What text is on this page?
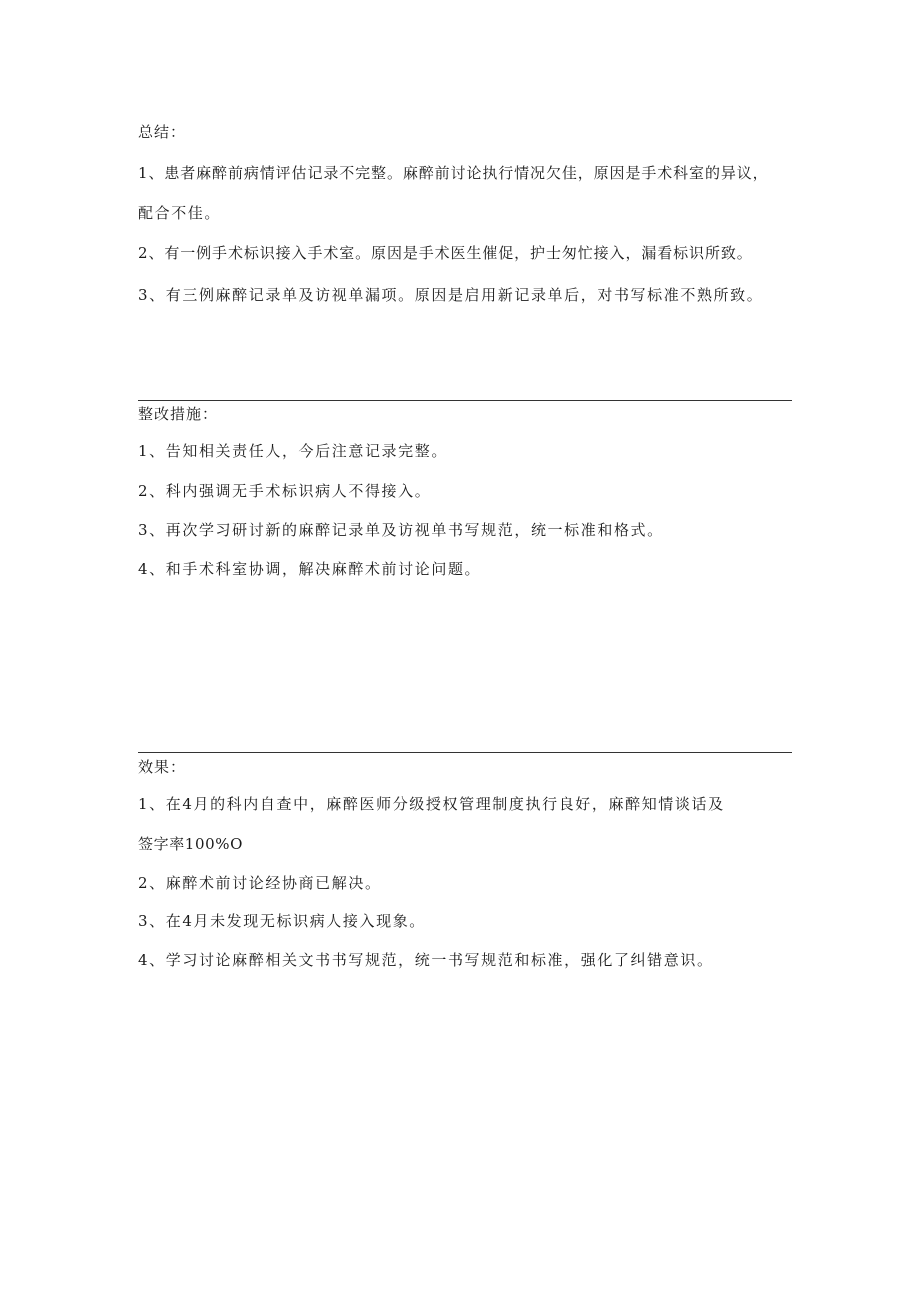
总结：
1、患者麻醉前病情评估记录不完整。麻醉前讨论执行情况欠佳，原因是手术科室的异议，
配合不佳。
2、有一例手术标识接入手术室。原因是手术医生催促，护士匆忙接入，漏看标识所致。
3、有三例麻醉记录单及访视单漏项。原因是启用新记录单后，对书写标准不熟所致。
整改措施：
1、告知相关责任人，今后注意记录完整。
2、科内强调无手术标识病人不得接入。
3、再次学习研讨新的麻醉记录单及访视单书写规范，统一标准和格式。
4、和手术科室协调，解决麻醉术前讨论问题。
效果：
1、在4月的科内自查中，麻醉医师分级授权管理制度执行良好，麻醉知情谈话及
签字率100%O
2、麻醉术前讨论经协商已解决。
3、在4月未发现无标识病人接入现象。
4、学习讨论麻醉相关文书书写规范，统一书写规范和标准，强化了纠错意识。
